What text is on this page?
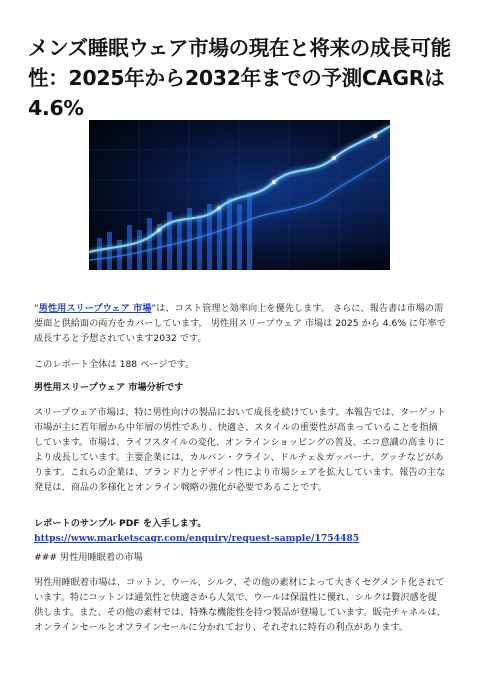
メンズ睡眠ウェア市場の現在と将来の成長可能性：2025年から2032年までの予測CAGRは4.6%

“男性用スリープウェア 市場”は、コスト管理と効率向上を優先します。 さらに、報告書は市場の需要面と供給面の両方をカバーしています。 男性用スリープウェア 市場は 2025 から 4.6% に年率で成長すると予想されています2032 です。

このレポート全体は 188 ページです。

男性用スリープウェア 市場分析です

スリープウェア市場は、特に男性向けの製品において成長を続けています。本報告では、ターゲット市場が主に若年層から中年層の男性であり、快適さ、スタイルの重要性が高まっていることを指摘しています。市場は、ライフスタイルの変化、オンラインショッピングの普及、エコ意識の高まりにより成長しています。主要企業には、カルバン・クライン、ドルチェ＆ガッバーナ、グッチなどがあります。これらの企業は、ブランド力とデザイン性により市場シェアを拡大しています。報告の主な発見は、商品の多様化とオンライン戦略の強化が必要であることです。

レポートのサンプル PDF を入手します。 https://www.marketscagr.com/enquiry/request-sample/1754485

### 男性用睡眠着の市場

男性用睡眠着市場は、コットン、ウール、シルク、その他の素材によって大きくセグメント化されています。特にコットンは通気性と快適さから人気で、ウールは保温性に優れ、シルクは贅沢感を提供します。また、その他の素材では、特殊な機能性を持つ製品が登場しています。販売チャネルは、オンラインセールとオフラインセールに分かれており、それぞれに特有の利点があります。
